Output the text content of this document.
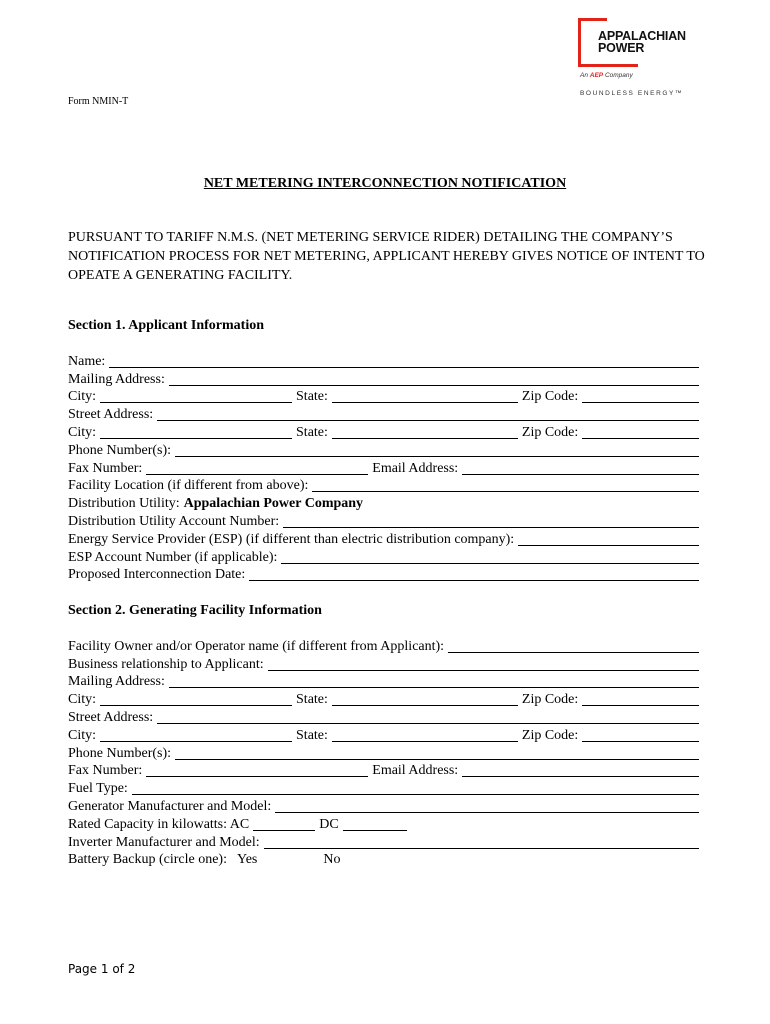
APPALACHIAN
POWER
An AEP Company
BOUNDLESS ENERGY™
Form NMIN-T
NET METERING INTERCONNECTION NOTIFICATION
PURSUANT TO TARIFF N.M.S. (NET METERING SERVICE RIDER) DETAILING THE COMPANY’S NOTIFICATION PROCESS FOR NET METERING, APPLICANT HEREBY GIVES NOTICE OF INTENT TO OPEATE A GENERATING FACILITY.
Section 1. Applicant Information
Name:
Mailing Address:
City:	State:	Zip Code:
Street Address:
City:	State:	Zip Code:
Phone Number(s):
Fax Number:	Email Address:
Facility Location (if different from above):
Distribution Utility: Appalachian Power Company
Distribution Utility Account Number:
Energy Service Provider (ESP) (if different than electric distribution company):
ESP Account Number (if applicable):
Proposed Interconnection Date:
Section 2. Generating Facility Information
Facility Owner and/or Operator name (if different from Applicant):
Business relationship to Applicant:
Mailing Address:
City:	State:	Zip Code:
Street Address:
City:	State:	Zip Code:
Phone Number(s):
Fax Number:	Email Address:
Fuel Type:
Generator Manufacturer and Model:
Rated Capacity in kilowatts: AC	DC
Inverter Manufacturer and Model:
Battery Backup (circle one): Yes	No
Page 1 of 2
